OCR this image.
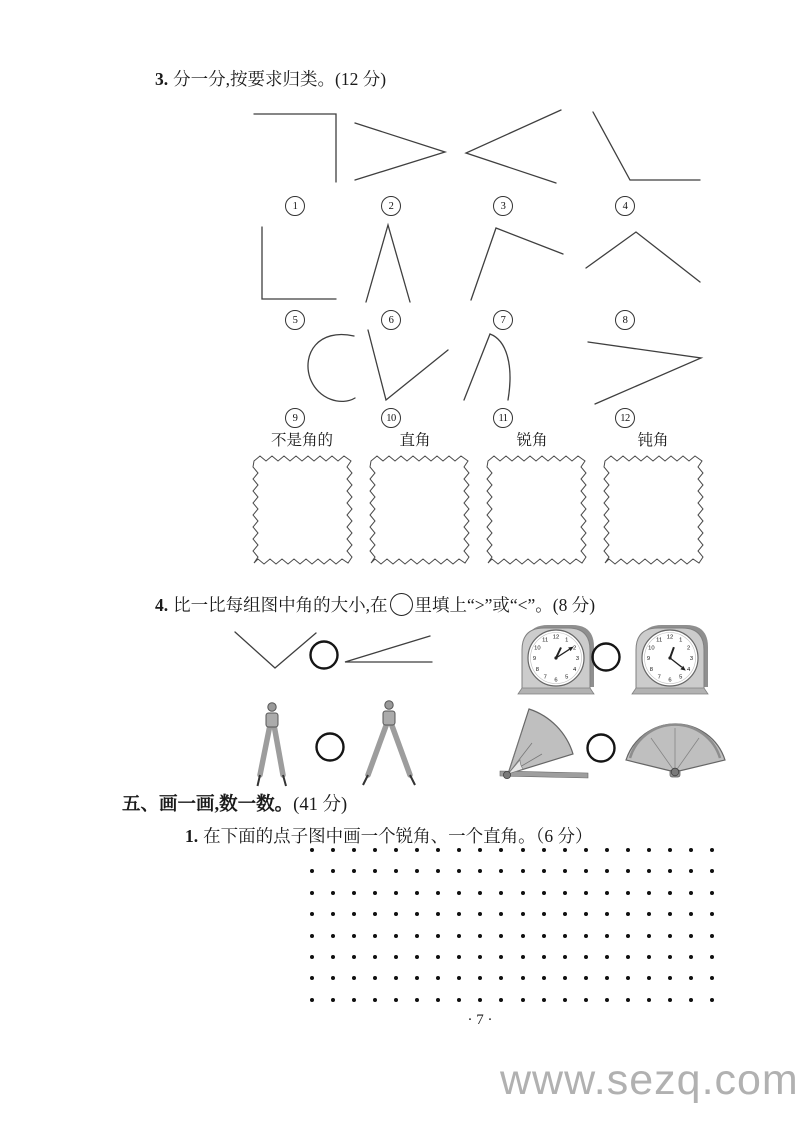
3. 分一分,按要求归类。(12 分)
1	2	3	4
5	6	7	8
9	10	11	12
不是角的	直角	锐角	钝角
4. 比一比每组图中角的大小,在 里填上“>”或“<”。(8 分)
12 1
2
3
4
5
6
7
8
9
10
11	12 1
2
3
4
5
6
7
8
9
10
11
五、画一画,数一数。(41 分)
1. 在下面的点子图中画一个锐角、一个直角。（6 分）
· 7 ·
www.sezq.com
